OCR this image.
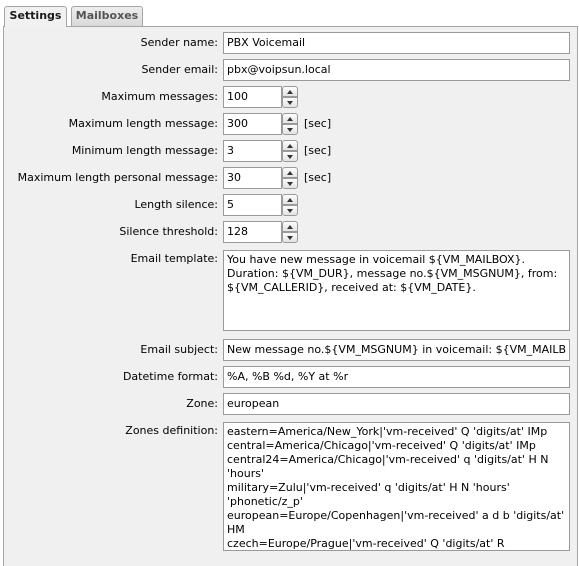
Settings	Mailboxes
Sender name: PBX Voicemail
Sender email: pbx@voipsun.local
Maximum messages: 100
Maximum length message: 300	[sec]
Minimum length message: 3	[sec]
Maximum length personal message: 30	[sec]
Length silence: 5
Silence threshold: 128
Email template: You have new message in voicemail ${VM_MAILBOX}.
Duration: ${VM_DUR}, message no.${VM_MSGNUM}, from:
${VM_CALLERID}, received at: ${VM_DATE}.
Email subject: New message no.${VM_MSGNUM} in voicemail: ${VM_MAILB
Datetime format: %A, %B %d, %Y at %r
Zone: european
Zones definition: eastern=America/New_York|'vm-received' Q 'digits/at' IMp
central=America/Chicago|'vm-received' Q 'digits/at' IMp
central24=America/Chicago|'vm-received' q 'digits/at' H N
'hours'
military=Zulu|'vm-received' q 'digits/at' H N 'hours'
'phonetic/z_p'
european=Europe/Copenhagen|'vm-received' a d b 'digits/at'
HM
czech=Europe/Prague|'vm-received' Q 'digits/at' R
